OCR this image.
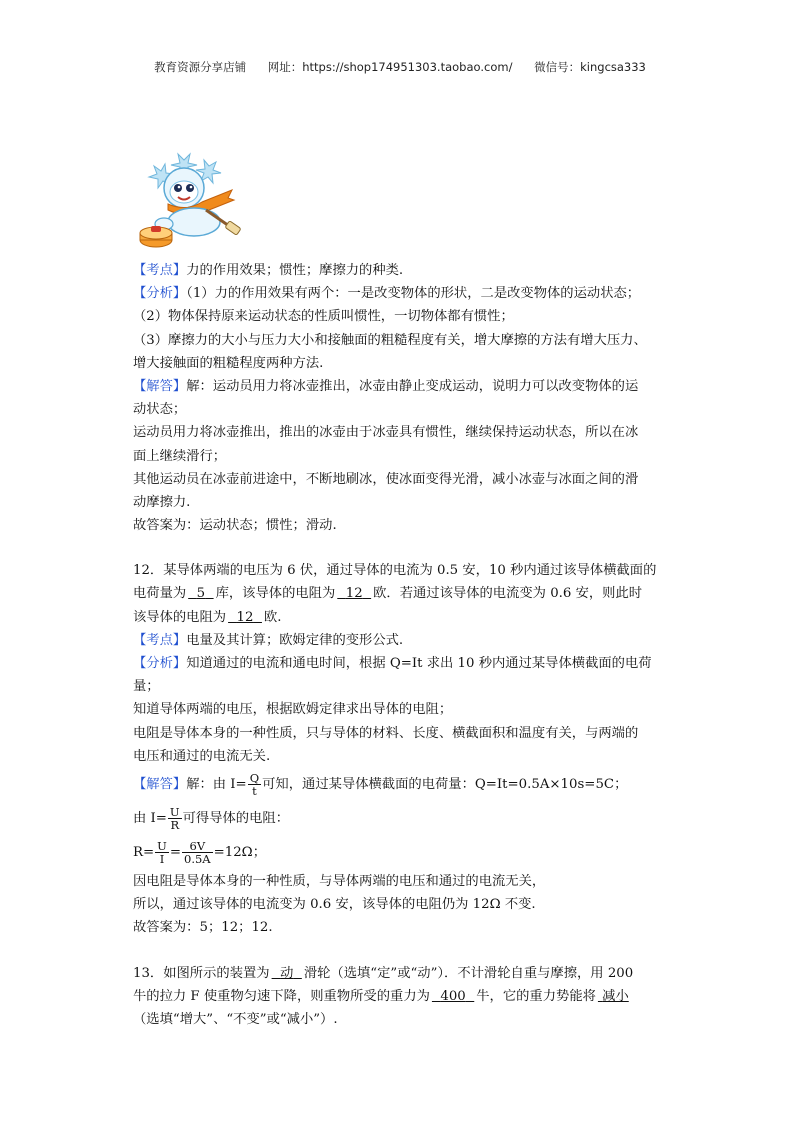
教育资源分享店铺 网址：https://shop174951303.taobao.com/ 微信号：kingcsa333
【考点】力的作用效果；惯性；摩擦力的种类.
【分析】（1）力的作用效果有两个：一是改变物体的形状，二是改变物体的运动状态；
（2）物体保持原来运动状态的性质叫惯性，一切物体都有惯性；
（3）摩擦力的大小与压力大小和接触面的粗糙程度有关，增大摩擦的方法有增大压力、
增大接触面的粗糙程度两种方法.
【解答】解：运动员用力将冰壶推出，冰壶由静止变成运动，说明力可以改变物体的运
动状态；
运动员用力将冰壶推出，推出的冰壶由于冰壶具有惯性，继续保持运动状态，所以在冰
面上继续滑行；
其他运动员在冰壶前进途中，不断地刷冰，使冰面变得光滑，减小冰壶与冰面之间的滑
动摩擦力.
故答案为：运动状态；惯性；滑动.
12．某导体两端的电压为 6 伏，通过导体的电流为 0.5 安，10 秒内通过该导体横截面的
电荷量为 5 库，该导体的电阻为 12 欧．若通过该导体的电流变为 0.6 安，则此时
该导体的电阻为 12 欧.
【考点】电量及其计算；欧姆定律的变形公式.
【分析】知道通过的电流和通电时间，根据 Q=It 求出 10 秒内通过某导体横截面的电荷
量；
知道导体两端的电压，根据欧姆定律求出导体的电阻；
电阻是导体本身的一种性质，只与导体的材料、长度、横截面积和温度有关，与两端的
电压和通过的电流无关.
【解答】解：由 $I= \frac{Q}{t}$ 可知，通过某导体横截面的电荷量：Q=It=0.5A×10s=5C；
由 $I= \frac{U}{R}$ 可得导体的电阻：
$R= \frac{U}{I} = \frac{6V}{0.5A} =12\Omega$；
因电阻是导体本身的一种性质，与导体两端的电压和通过的电流无关，
所以，通过该导体的电流变为 0.6 安，该导体的电阻仍为 12Ω 不变.
故答案为：5；12；12.
13．如图所示的装置为 动 滑轮（选填“定”或“动”）．不计滑轮自重与摩擦，用 200
牛的拉力 F 使重物匀速下降，则重物所受的重力为 400 牛，它的重力势能将 减小
（选填“增大”、“不变”或“减小”）.
